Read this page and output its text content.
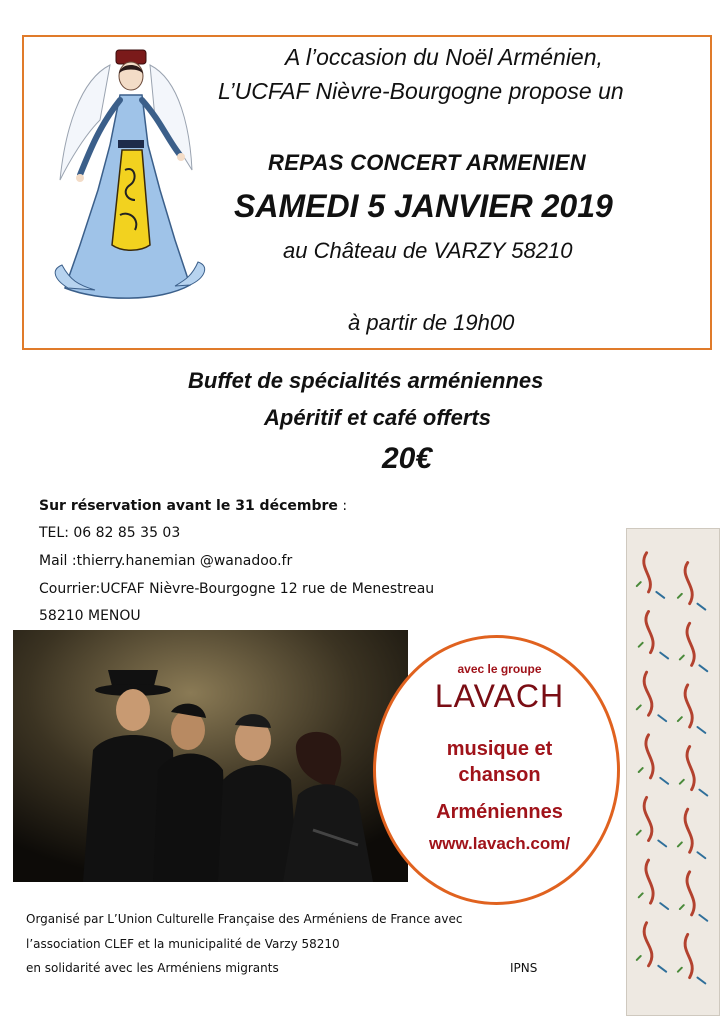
A l’occasion du Noël Arménien,
L’UCFAF Nièvre-Bourgogne propose un
REPAS CONCERT ARMENIEN
SAMEDI 5 JANVIER 2019
au Château de VARZY 58210
à partir de 19h00
Buffet de spécialités arméniennes
Apéritif et café offerts
20€
Sur réservation avant le 31 décembre :
TEL: 06 82 85 35 03
Mail :thierry.hanemian @wanadoo.fr
Courrier:UCFAF Nièvre-Bourgogne 12 rue de Menestreau
58210 MENOU
avec le groupe
LAVACH
musique et
chanson
Arméniennes
www.lavach.com/
Organisé par L’Union Culturelle Française des Arméniens de France avec
l’association CLEF et la municipalité de Varzy 58210
en solidarité avec les Arméniens migrants	IPNS
